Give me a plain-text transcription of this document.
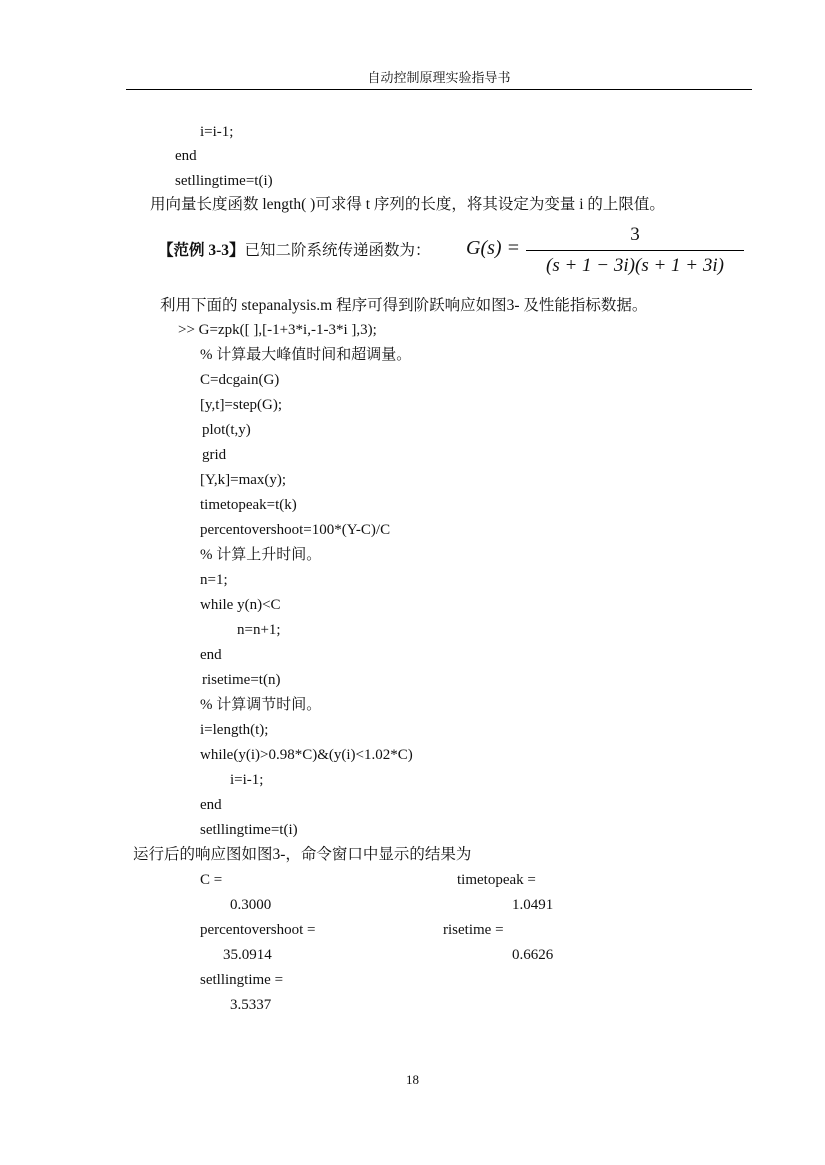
自动控制原理实验指导书
i=i-1;
end
setllingtime=t(i)
用向量长度函数 length( )可求得 t 序列的长度，将其设定为变量 i 的上限值。
【范例 3-3】已知二阶系统传递函数为： G(s) =
3
(s + 1 − 3i)(s + 1 + 3i)
利用下面的 stepanalysis.m 程序可得到阶跃响应如图3- 及性能指标数据。
>> G=zpk([ ],[-1+3*i,-1-3*i ],3);
% 计算最大峰值时间和超调量。
C=dcgain(G)
[y,t]=step(G);
plot(t,y)
grid
[Y,k]=max(y);
timetopeak=t(k)
percentovershoot=100*(Y-C)/C
% 计算上升时间。
n=1;
while y(n)<C
n=n+1;
end
risetime=t(n)
% 计算调节时间。
i=length(t);
while(y(i)>0.98*C)&(y(i)<1.02*C)
i=i-1;
end
setllingtime=t(i)
运行后的响应图如图3-，命令窗口中显示的结果为
C =	timetopeak =
0.3000	1.0491
percentovershoot =	risetime =
35.0914	0.6626
setllingtime =
3.5337
18
